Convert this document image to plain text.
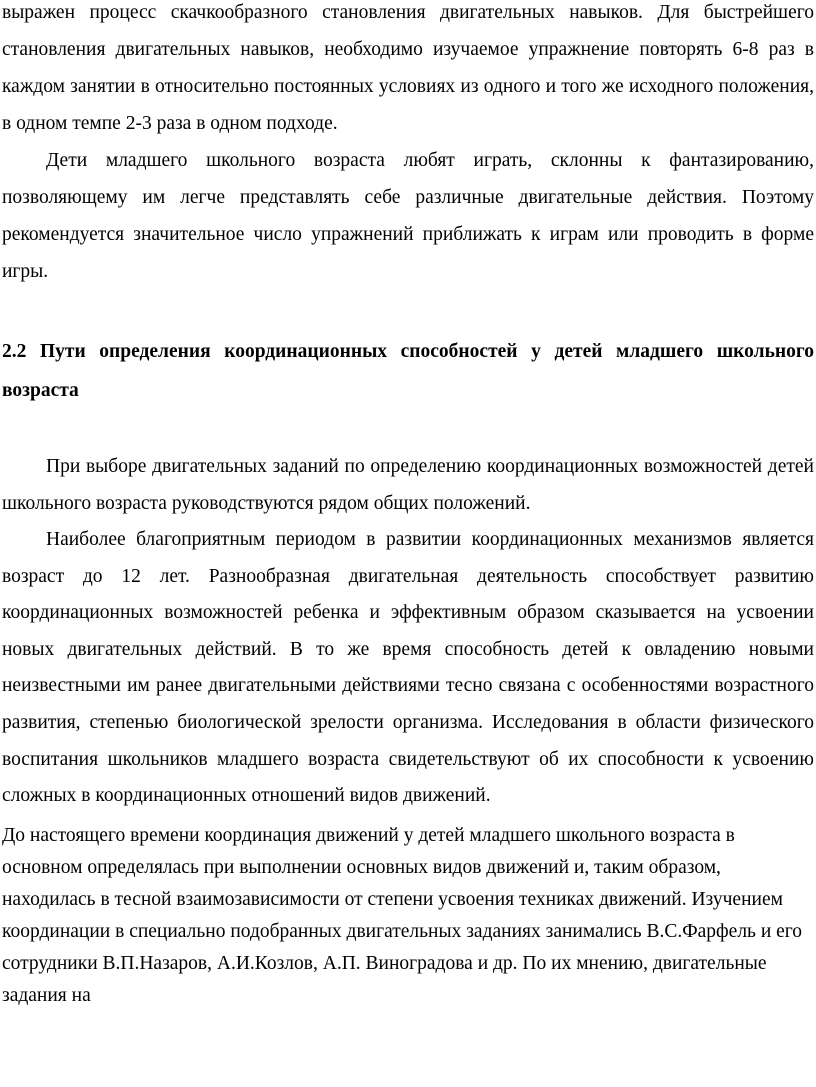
выражен процесс скачкообразного становления двигательных навыков. Для быстрейшего становления двигательных навыков, необходимо изучаемое упражнение повторять 6-8 раз в каждом занятии в относительно постоянных условиях из одного и того же исходного положения, в одном темпе 2-3 раза в одном подходе.

Дети младшего школьного возраста любят играть, склонны к фантазированию, позволяющему им легче представлять себе различные двигательные действия. Поэтому рекомендуется значительное число упражнений приближать к играм или проводить в форме игры.

2.2 Пути определения координационных способностей у детей младшего школьного возраста

При выборе двигательных заданий по определению координационных возможностей детей школьного возраста руководствуются рядом общих положений.

Наиболее благоприятным периодом в развитии координационных механизмов является возраст до 12 лет. Разнообразная двигательная деятельность способствует развитию координационных возможностей ребенка и эффективным образом сказывается на усвоении новых двигательных действий. В то же время способность детей к овладению новыми неизвестными им ранее двигательными действиями тесно связана с особенностями возрастного развития, степенью биологической зрелости организма. Исследования в области физического воспитания школьников младшего возраста свидетельствуют об их способности к усвоению сложных в координационных отношений видов движений.

До настоящего времени координация движений у детей младшего школьного возраста в основном определялась при выполнении основных видов движений и, таким образом, находилась в тесной взаимозависимости от степени усвоения техниках движений. Изучением координации в специально подобранных двигательных заданиях занимались В.С.Фарфель и его сотрудники В.П.Назаров, А.И.Козлов, А.П. Виноградова и др. По их мнению, двигательные задания на
